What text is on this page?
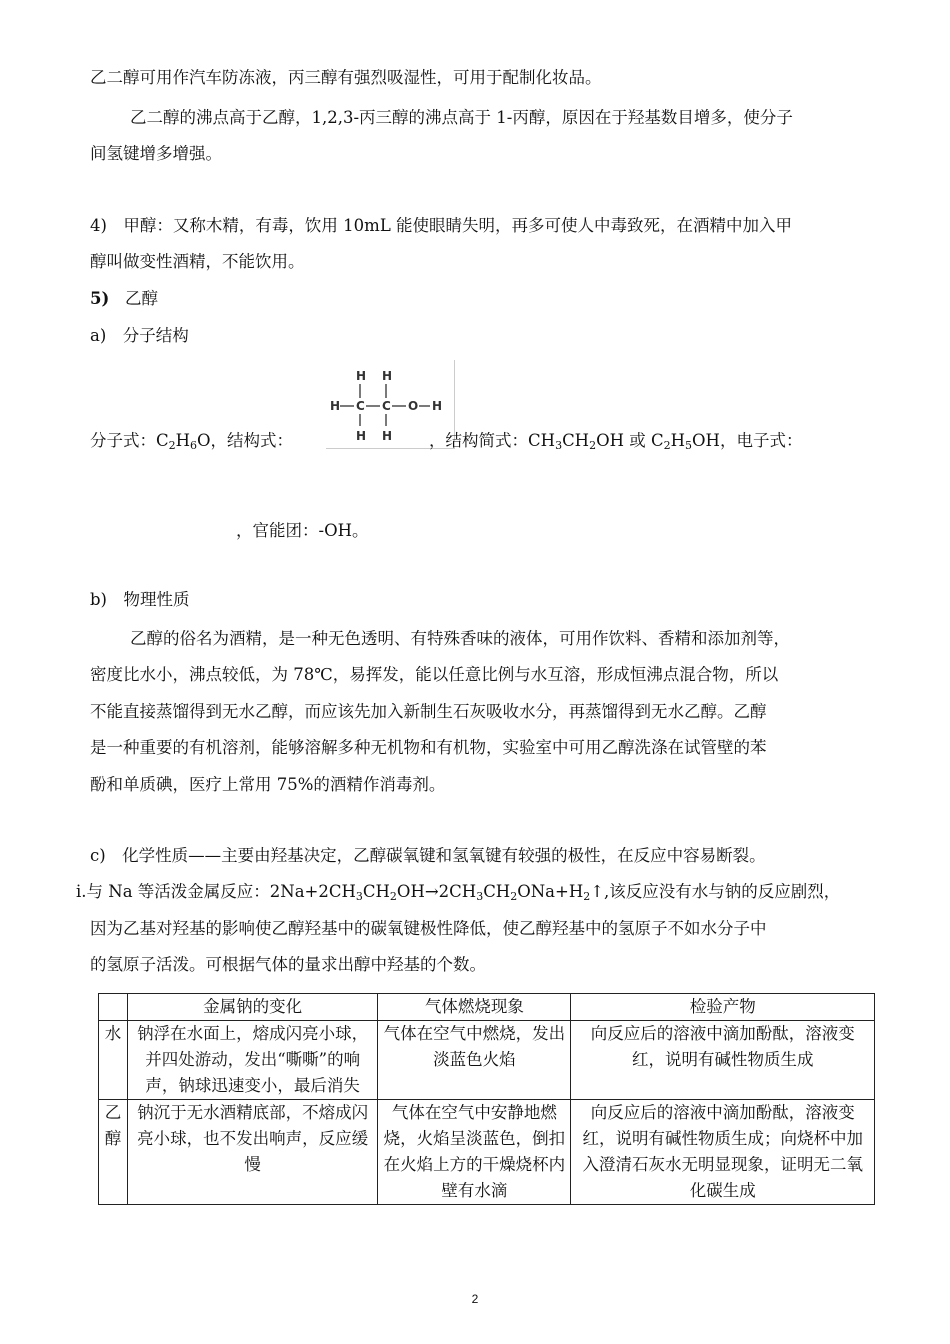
乙二醇可用作汽车防冻液，丙三醇有强烈吸湿性，可用于配制化妆品。
乙二醇的沸点高于乙醇，1,2,3-丙三醇的沸点高于 1-丙醇，原因在于羟基数目增多，使分子
间氢键增多增强。
4)　甲醇：又称木精，有毒，饮用 10mL 能使眼睛失明，再多可使人中毒致死，在酒精中加入甲
醇叫做变性酒精，不能饮用。
5) 乙醇
a)　分子结构
H H
H C C O H
H H
分子式：$C_2H_6O$，结构式：	，结构简式：$CH_3CH_2OH$ 或 $C_2H_5OH$，电子式：
，官能团：-OH。
b)　物理性质
乙醇的俗名为酒精，是一种无色透明、有特殊香味的液体，可用作饮料、香精和添加剂等，
密度比水小，沸点较低，为 78℃，易挥发，能以任意比例与水互溶，形成恒沸点混合物，所以
不能直接蒸馏得到无水乙醇，而应该先加入新制生石灰吸收水分，再蒸馏得到无水乙醇。乙醇
是一种重要的有机溶剂，能够溶解多种无机物和有机物，实验室中可用乙醇洗涤在试管壁的苯
酚和单质碘，医疗上常用 75%的酒精作消毒剂。
c)　化学性质——主要由羟基决定，乙醇碳氧键和氢氧键有较强的极性，在反应中容易断裂。
i.与 Na 等活泼金属反应：$2Na+2CH_3CH_2OH\to 2CH_3CH_2ONa+H_2↑$,该反应没有水与钠的反应剧烈，
因为乙基对羟基的影响使乙醇羟基中的碳氧键极性降低，使乙醇羟基中的氢原子不如水分子中
的氢原子活泼。可根据气体的量求出醇中羟基的个数。
	金属钠的变化	气体燃烧现象	检验产物
水	钠浮在水面上，熔成闪亮小球，并四处游动，发出“嘶嘶”的响声，钠球迅速变小，最后消失	气体在空气中燃烧，发出淡蓝色火焰	向反应后的溶液中滴加酚酞，溶液变红，说明有碱性物质生成
乙醇	钠沉于无水酒精底部，不熔成闪亮小球，也不发出响声，反应缓慢	气体在空气中安静地燃烧，火焰呈淡蓝色，倒扣在火焰上方的干燥烧杯内壁有水滴	向反应后的溶液中滴加酚酞，溶液变红，说明有碱性物质生成；向烧杯中加入澄清石灰水无明显现象，证明无二氧化碳生成
2
